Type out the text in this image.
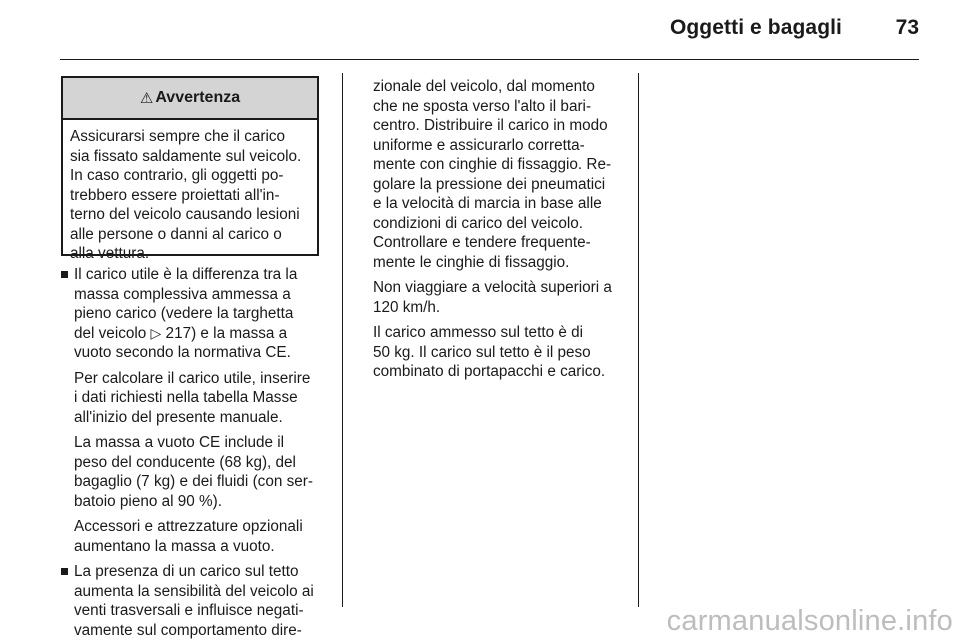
Oggetti e bagagli	73
⚠ Avvertenza
Assicurarsi sempre che il carico
sia fissato saldamente sul veicolo.
In caso contrario, gli oggetti po-
trebbero essere proiettati all'in-
terno del veicolo causando lesioni
alle persone o danni al carico o
alla vettura.
Il carico utile è la differenza tra la
massa complessiva ammessa a
pieno carico (vedere la targhetta
del veicolo ▷ 217) e la massa a
vuoto secondo la normativa CE.
Per calcolare il carico utile, inserire
i dati richiesti nella tabella Masse
all'inizio del presente manuale.
La massa a vuoto CE include il
peso del conducente (68 kg), del
bagaglio (7 kg) e dei fluidi (con ser-
batoio pieno al 90 %).
Accessori e attrezzature opzionali
aumentano la massa a vuoto.
La presenza di un carico sul tetto
aumenta la sensibilità del veicolo ai
venti trasversali e influisce negati-
vamente sul comportamento dire-
zionale del veicolo, dal momento
che ne sposta verso l'alto il bari-
centro. Distribuire il carico in modo
uniforme e assicurarlo corretta-
mente con cinghie di fissaggio. Re-
golare la pressione dei pneumatici
e la velocità di marcia in base alle
condizioni di carico del veicolo.
Controllare e tendere frequente-
mente le cinghie di fissaggio.
Non viaggiare a velocità superiori a
120 km/h.
Il carico ammesso sul tetto è di
50 kg. Il carico sul tetto è il peso
combinato di portapacchi e carico.
carmanualsonline.info
